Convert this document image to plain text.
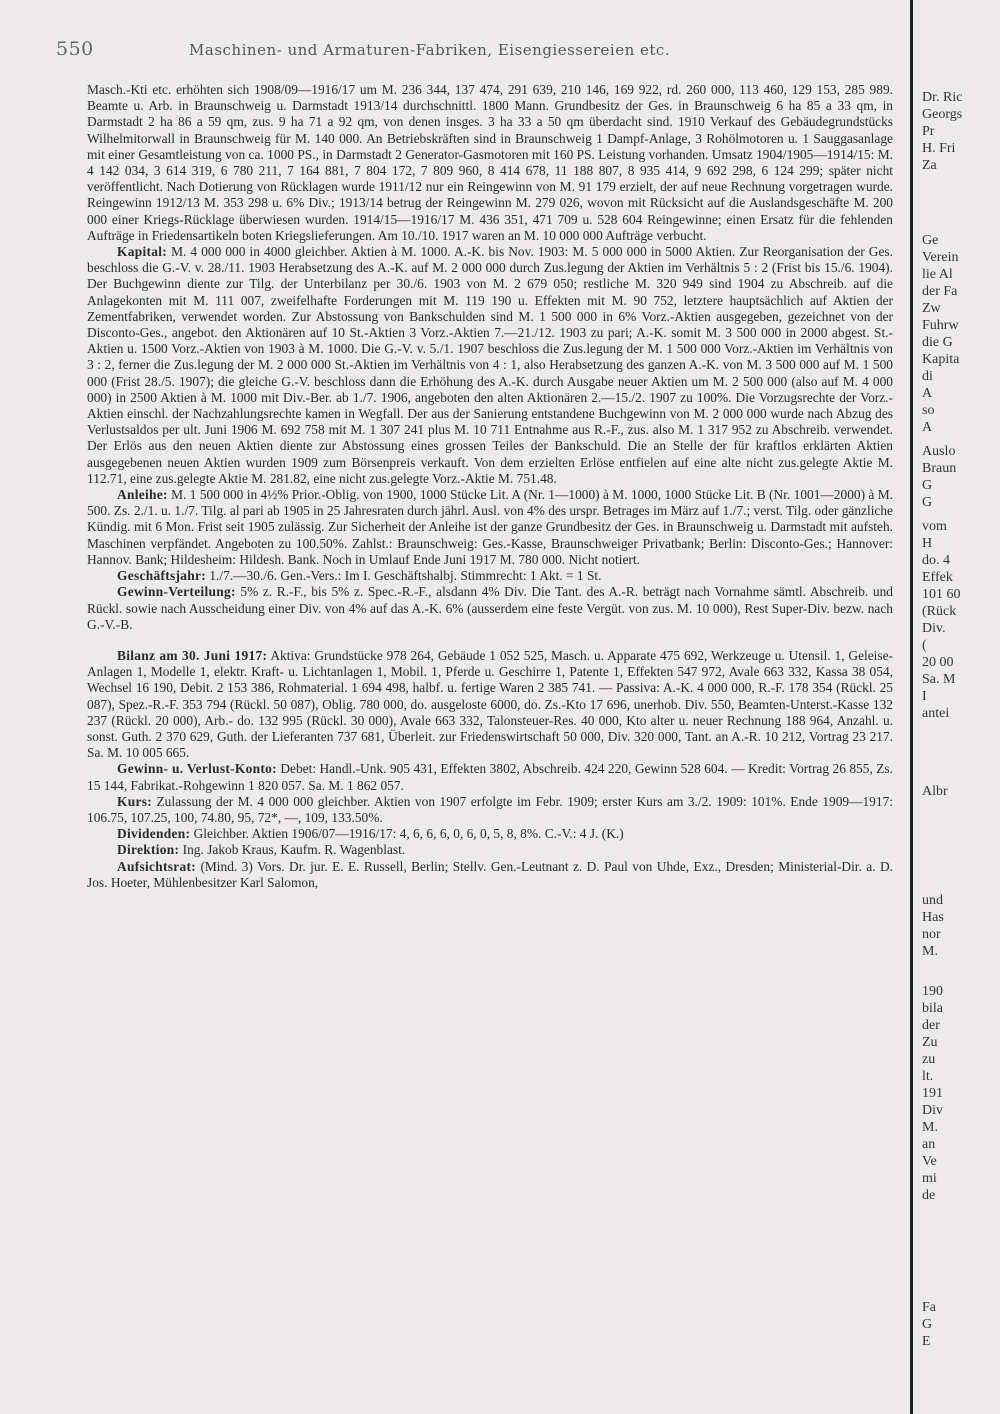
550	Maschinen- und Armaturen-Fabriken, Eisengiessereien etc.

Masch.-Kti etc. erhöhten sich 1908/09—1916/17 um M. 236 344, 137 474, 291 639, 210 146, 169 922, rd. 260 000, 113 460, 129 153, 285 989. Beamte u. Arb. in Braunschweig u. Darmstadt 1913/14 durchschnittl. 1800 Mann. Grundbesitz der Ges. in Braunschweig 6 ha 85 a 33 qm, in Darmstadt 2 ha 86 a 59 qm, zus. 9 ha 71 a 92 qm, von denen insges. 3 ha 33 a 50 qm überdacht sind. 1910 Verkauf des Gebäudegrundstücks Wilhelmitorwall in Braunschweig für M. 140 000. An Betriebskräften sind in Braunschweig 1 Dampf-Anlage, 3 Rohölmotoren u. 1 Sauggasanlage mit einer Gesamtleistung von ca. 1000 PS., in Darmstadt 2 Generator-Gasmotoren mit 160 PS. Leistung vorhanden. Umsatz 1904/1905—1914/15: M. 4 142 034, 3 614 319, 6 780 211, 7 164 881, 7 804 172, 7 809 960, 8 414 678, 11 188 807, 8 935 414, 9 692 298, 6 124 299; später nicht veröffentlicht. Nach Dotierung von Rücklagen wurde 1911/12 nur ein Reingewinn von M. 91 179 erzielt, der auf neue Rechnung vorgetragen wurde. Reingewinn 1912/13 M. 353 298 u. 6% Div.; 1913/14 betrug der Reingewinn M. 279 026, wovon mit Rücksicht auf die Auslandsgeschäfte M. 200 000 einer Kriegs-Rücklage überwiesen wurden. 1914/15—1916/17 M. 436 351, 471 709 u. 528 604 Reingewinne; einen Ersatz für die fehlenden Aufträge in Friedensartikeln boten Kriegslieferungen. Am 10./10. 1917 waren an M. 10 000 000 Aufträge verbucht.

Kapital: M. 4 000 000 in 4000 gleichber. Aktien à M. 1000. A.-K. bis Nov. 1903: M. 5 000 000 in 5000 Aktien. Zur Reorganisation der Ges. beschloss die G.-V. v. 28./11. 1903 Herabsetzung des A.-K. auf M. 2 000 000 durch Zus.legung der Aktien im Verhältnis 5 : 2 (Frist bis 15./6. 1904). Der Buchgewinn diente zur Tilg. der Unterbilanz per 30./6. 1903 von M. 2 679 050; restliche M. 320 949 sind 1904 zu Abschreib. auf die Anlagekonten mit M. 111 007, zweifelhafte Forderungen mit M. 119 190 u. Effekten mit M. 90 752, letztere hauptsächlich auf Aktien der Zementfabriken, verwendet worden. Zur Abstossung von Bankschulden sind M. 1 500 000 in 6% Vorz.-Aktien ausgegeben, gezeichnet von der Disconto-Ges., angebot. den Aktionären auf 10 St.-Aktien 3 Vorz.-Aktien 7.—21./12. 1903 zu pari; A.-K. somit M. 3 500 000 in 2000 abgest. St.-Aktien u. 1500 Vorz.-Aktien von 1903 à M. 1000. Die G.-V. v. 5./1. 1907 beschloss die Zus.legung der M. 1 500 000 Vorz.-Aktien im Verhältnis von 3 : 2, ferner die Zus.legung der M. 2 000 000 St.-Aktien im Verhältnis von 4 : 1, also Herabsetzung des ganzen A.-K. von M. 3 500 000 auf M. 1 500 000 (Frist 28./5. 1907); die gleiche G.-V. beschloss dann die Erhöhung des A.-K. durch Ausgabe neuer Aktien um M. 2 500 000 (also auf M. 4 000 000) in 2500 Aktien à M. 1000 mit Div.-Ber. ab 1./7. 1906, angeboten den alten Aktionären 2.—15./2. 1907 zu 100%. Die Vorzugsrechte der Vorz.-Aktien einschl. der Nachzahlungsrechte kamen in Wegfall. Der aus der Sanierung entstandene Buchgewinn von M. 2 000 000 wurde nach Abzug des Verlustsaldos per ult. Juni 1906 M. 692 758 mit M. 1 307 241 plus M. 10 711 Entnahme aus R.-F., zus. also M. 1 317 952 zu Abschreib. verwendet. Der Erlös aus den neuen Aktien diente zur Abstossung eines grossen Teiles der Bankschuld. Die an Stelle der für kraftlos erklärten Aktien ausgegebenen neuen Aktien wurden 1909 zum Börsenpreis verkauft. Von dem erzielten Erlöse entfielen auf eine alte nicht zus.gelegte Aktie M. 112.71, eine zus.gelegte Aktie M. 281.82, eine nicht zus.gelegte Vorz.-Aktie M. 751.48.

Anleihe: M. 1 500 000 in 4½% Prior.-Oblig. von 1900, 1000 Stücke Lit. A (Nr. 1—1000) à M. 1000, 1000 Stücke Lit. B (Nr. 1001—2000) à M. 500. Zs. 2./1. u. 1./7. Tilg. al pari ab 1905 in 25 Jahresraten durch jährl. Ausl. von 4% des urspr. Betrages im März auf 1./7.; verst. Tilg. oder gänzliche Kündig. mit 6 Mon. Frist seit 1905 zulässig. Zur Sicherheit der Anleihe ist der ganze Grundbesitz der Ges. in Braunschweig u. Darmstadt mit aufsteh. Maschinen verpfändet. Angeboten zu 100.50%. Zahlst.: Braunschweig: Ges.-Kasse, Braunschweiger Privatbank; Berlin: Disconto-Ges.; Hannover: Hannov. Bank; Hildesheim: Hildesh. Bank. Noch in Umlauf Ende Juni 1917 M. 780 000. Nicht notiert.

Geschäftsjahr: 1./7.—30./6. Gen.-Vers.: Im I. Geschäftshalbj. Stimmrecht: 1 Akt. = 1 St.

Gewinn-Verteilung: 5% z. R.-F., bis 5% z. Spec.-R.-F., alsdann 4% Div. Die Tant. des A.-R. beträgt nach Vornahme sämtl. Abschreib. und Rückl. sowie nach Ausscheidung einer Div. von 4% auf das A.-K. 6% (ausserdem eine feste Vergüt. von zus. M. 10 000), Rest Super-Div. bezw. nach G.-V.-B.

Bilanz am 30. Juni 1917: Aktiva: Grundstücke 978 264, Gebäude 1 052 525, Masch. u. Apparate 475 692, Werkzeuge u. Utensil. 1, Geleise-Anlagen 1, Modelle 1, elektr. Kraft- u. Lichtanlagen 1, Mobil. 1, Pferde u. Geschirre 1, Patente 1, Effekten 547 972, Avale 663 332, Kassa 38 054, Wechsel 16 190, Debit. 2 153 386, Rohmaterial. 1 694 498, halbf. u. fertige Waren 2 385 741. — Passiva: A.-K. 4 000 000, R.-F. 178 354 (Rückl. 25 087), Spez.-R.-F. 353 794 (Rückl. 50 087), Oblig. 780 000, do. ausgeloste 6000, do. Zs.-Kto 17 696, unerhob. Div. 550, Beamten-Unterst.-Kasse 132 237 (Rückl. 20 000), Arb.- do. 132 995 (Rückl. 30 000), Avale 663 332, Talonsteuer-Res. 40 000, Kto alter u. neuer Rechnung 188 964, Anzahl. u. sonst. Guth. 2 370 629, Guth. der Lieferanten 737 681, Überleit. zur Friedenswirtschaft 50 000, Div. 320 000, Tant. an A.-R. 10 212, Vortrag 23 217. Sa. M. 10 005 665.

Gewinn- u. Verlust-Konto: Debet: Handl.-Unk. 905 431, Effekten 3802, Abschreib. 424 220, Gewinn 528 604. — Kredit: Vortrag 26 855, Zs. 15 144, Fabrikat.-Rohgewinn 1 820 057. Sa. M. 1 862 057.

Kurs: Zulassung der M. 4 000 000 gleichber. Aktien von 1907 erfolgte im Febr. 1909; erster Kurs am 3./2. 1909: 101%. Ende 1909—1917: 106.75, 107.25, 100, 74.80, 95, 72*, —, 109, 133.50%.

Dividenden: Gleichber. Aktien 1906/07—1916/17: 4, 6, 6, 6, 0, 6, 0, 5, 8, 8%. C.-V.: 4 J. (K.)

Direktion: Ing. Jakob Kraus, Kaufm. R. Wagenblast.

Aufsichtsrat: (Mind. 3) Vors. Dr. jur. E. E. Russell, Berlin; Stellv. Gen.-Leutnant z. D. Paul von Uhde, Exz., Dresden; Ministerial-Dir. a. D. Jos. Hoeter, Mühlenbesitzer Karl Salomon,

Dr. Ric
Georgs
Pr
H. Fri
Za
Ge
Verein
lie Al
der Fa
Zw
Fuhrw
die G
Kapita
di
A
so
A
Auslo
Braun
G
G
vom
H
do. 4
Effek
101 60
(Rück
Div.
(
20 00
Sa. M
I
antei
Albr
und
Has
nor
M.
190
bila
der
Zu
zu
lt.
191
Div
M.
an
Ve
mi
de
Fa
G
E
